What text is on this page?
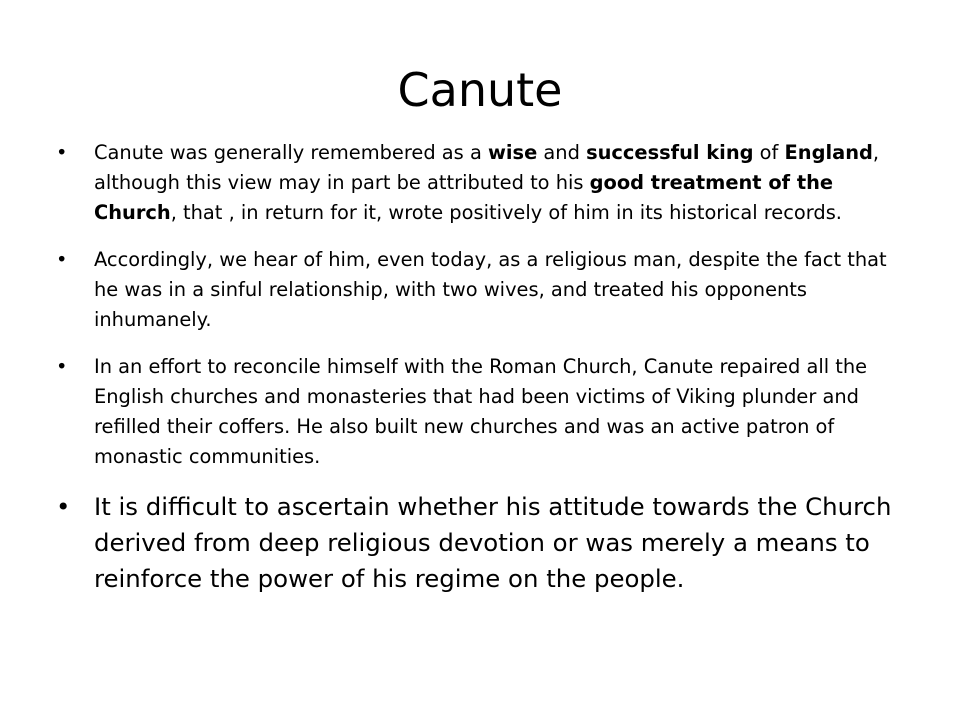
Canute
•	Canute was generally remembered as a wise and successful king of England, although this view may in part be attributed to his good treatment of the Church, that , in return for it, wrote positively of him in its historical records.
•	Accordingly, we hear of him, even today, as a religious man, despite the fact that he was in a sinful relationship, with two wives, and treated his opponents inhumanely.
•	In an effort to reconcile himself with the Roman Church, Canute repaired all the English churches and monasteries that had been victims of Viking plunder and refilled their coffers. He also built new churches and was an active patron of monastic communities.
• It is difficult to ascertain whether his attitude towards the Church derived from deep religious devotion or was merely a means to reinforce the power of his regime on the people.
